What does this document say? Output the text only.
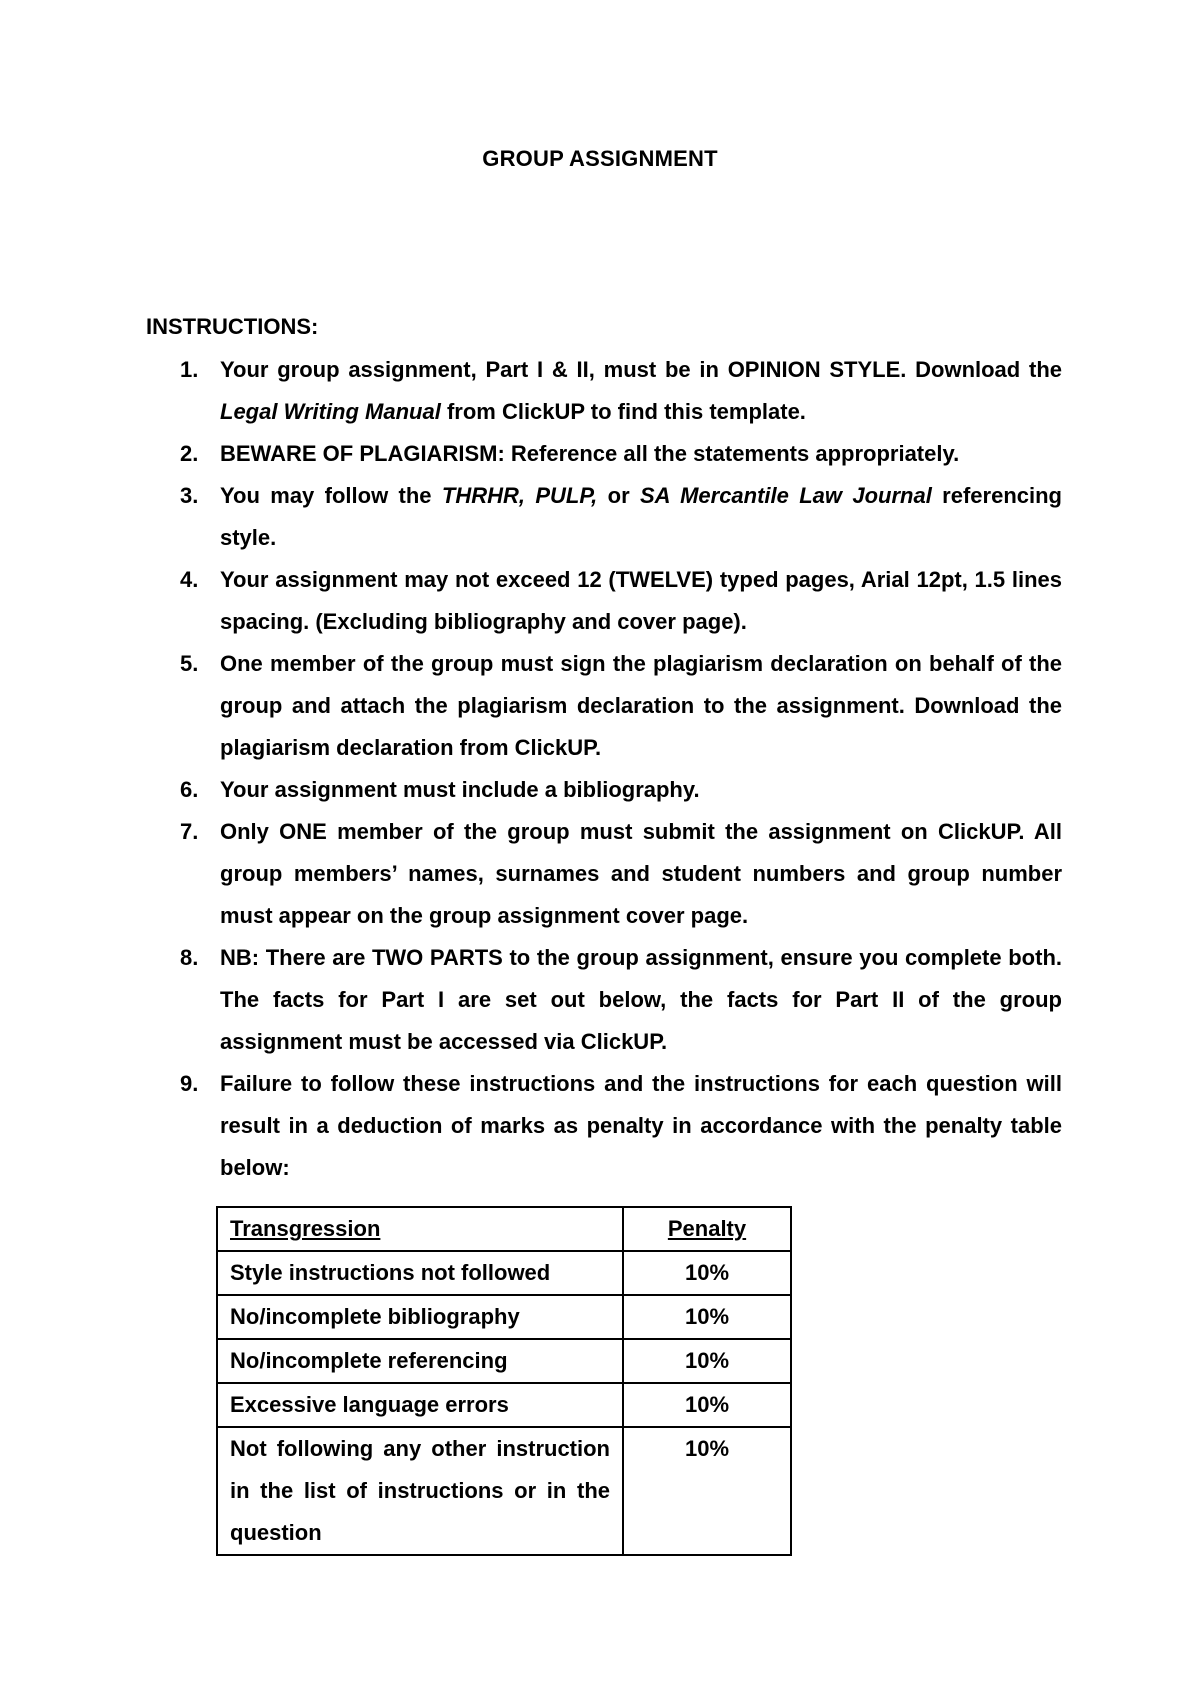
GROUP ASSIGNMENT
INSTRUCTIONS:
1. Your group assignment, Part I & II, must be in OPINION STYLE. Download the Legal Writing Manual from ClickUP to find this template.
2. BEWARE OF PLAGIARISM: Reference all the statements appropriately.
3. You may follow the THRHR, PULP, or SA Mercantile Law Journal referencing style.
4. Your assignment may not exceed 12 (TWELVE) typed pages, Arial 12pt, 1.5 lines spacing. (Excluding bibliography and cover page).
5. One member of the group must sign the plagiarism declaration on behalf of the group and attach the plagiarism declaration to the assignment. Download the plagiarism declaration from ClickUP.
6. Your assignment must include a bibliography.
7. Only ONE member of the group must submit the assignment on ClickUP. All group members’ names, surnames and student numbers and group number must appear on the group assignment cover page.
8. NB: There are TWO PARTS to the group assignment, ensure you complete both. The facts for Part I are set out below, the facts for Part II of the group assignment must be accessed via ClickUP.
9. Failure to follow these instructions and the instructions for each question will result in a deduction of marks as penalty in accordance with the penalty table below:
Transgression	Penalty
Style instructions not followed	10%
No/incomplete bibliography	10%
No/incomplete referencing	10%
Excessive language errors	10%
Not following any other instruction in the list of instructions or in the question	10%
